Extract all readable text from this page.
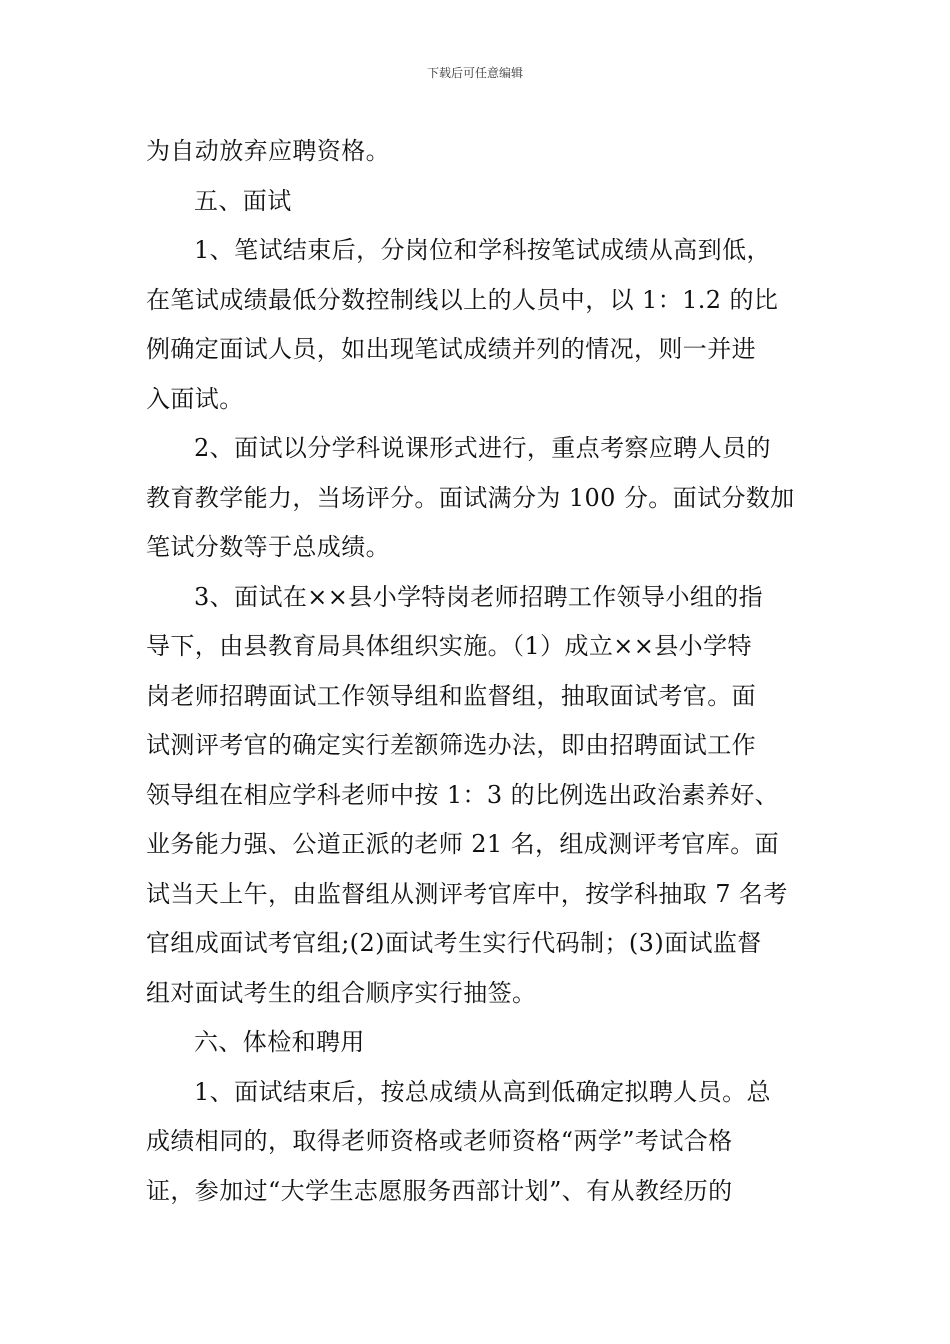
下载后可任意编辑
为自动放弃应聘资格。
五、面试
1、笔试结束后，分岗位和学科按笔试成绩从高到低，
在笔试成绩最低分数控制线以上的人员中，以 1：1.2 的比
例确定面试人员，如出现笔试成绩并列的情况，则一并进
入面试。
2、面试以分学科说课形式进行，重点考察应聘人员的
教育教学能力，当场评分。面试满分为 100 分。面试分数加
笔试分数等于总成绩。
3、面试在××县小学特岗老师招聘工作领导小组的指
导下，由县教育局具体组织实施。（1）成立××县小学特
岗老师招聘面试工作领导组和监督组，抽取面试考官。面
试测评考官的确定实行差额筛选办法，即由招聘面试工作
领导组在相应学科老师中按 1：3 的比例选出政治素养好、
业务能力强、公道正派的老师 21 名，组成测评考官库。面
试当天上午，由监督组从测评考官库中，按学科抽取 7 名考
官组成面试考官组;(2)面试考生实行代码制；(3)面试监督
组对面试考生的组合顺序实行抽签。
六、体检和聘用
1、面试结束后，按总成绩从高到低确定拟聘人员。总
成绩相同的，取得老师资格或老师资格“两学”考试合格
证，参加过“大学生志愿服务西部计划”、有从教经历的
